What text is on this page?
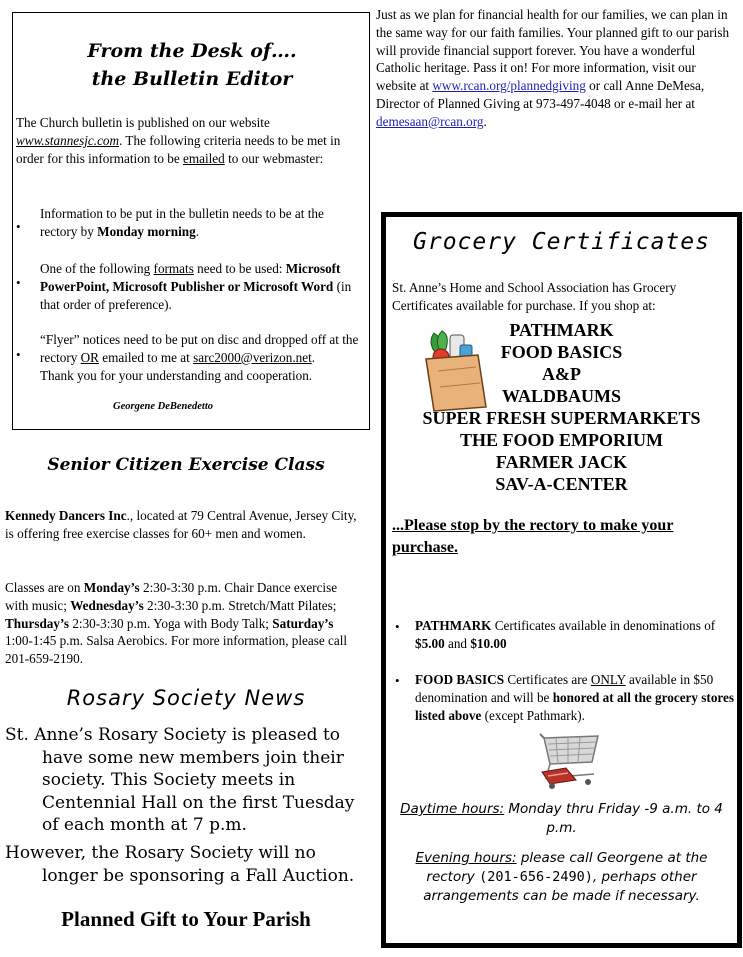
From the Desk of….
the Bulletin Editor
The Church bulletin is published on our website www.stannesjc.com. The following criteria needs to be met in order for this information to be emailed to our webmaster:
•
Information to be put in the bulletin needs to be at the rectory by Monday morning.
•
One of the following formats need to be used: Microsoft PowerPoint, Microsoft Publisher or Microsoft Word (in that order of preference).
•
“Flyer” notices need to be put on disc and dropped off at the rectory OR emailed to me at sarc2000@verizon.net.
Thank you for your understanding and cooperation.
Georgene DeBenedetto
Senior Citizen Exercise Class
Kennedy Dancers Inc., located at 79 Central Avenue, Jersey City, is offering free exercise classes for 60+ men and women.
Classes are on Monday’s 2:30-3:30 p.m. Chair Dance exercise with music; Wednesday’s 2:30-3:30 p.m. Stretch/Matt Pilates; Thursday’s 2:30-3:30 p.m. Yoga with Body Talk; Saturday’s 1:00-1:45 p.m. Salsa Aerobics. For more information, please call 201-659-2190.
Rosary Society News

St. Anne’s Rosary Society is pleased to have some new members join their society. This Society meets in Centennial Hall on the first Tuesday of each month at 7 p.m.

However, the Rosary Society will no longer be sponsoring a Fall Auction.

Planned Gift to Your Parish
Just as we plan for financial health for our families, we can plan in the same way for our faith families. Your planned gift to our parish will provide financial support forever. You have a wonderful Catholic heritage. Pass it on! For more information, visit our website at www.rcan.org/plannedgiving or call Anne DeMesa, Director of Planned Giving at 973-497-4048 or e-mail her at demesaan@rcan.org.
Grocery Certificates
St. Anne’s Home and School Association has Grocery Certificates available for purchase. If you shop at:
PATHMARK
FOOD BASICS
A&P
WALDBAUMS
SUPER FRESH SUPERMARKETS
THE FOOD EMPORIUM
FARMER JACK
SAV-A-CENTER
...Please stop by the rectory to make your purchase.
• PATHMARK Certificates available in denominations of $5.00 and $10.00
• FOOD BASICS Certificates are ONLY available in $50 denomination and will be honored at all the grocery stores listed above (except Pathmark).
Daytime hours: Monday thru Friday -9 a.m. to 4 p.m.
Evening hours: please call Georgene at the rectory (201-656-2490), perhaps other arrangements can be made if necessary.
